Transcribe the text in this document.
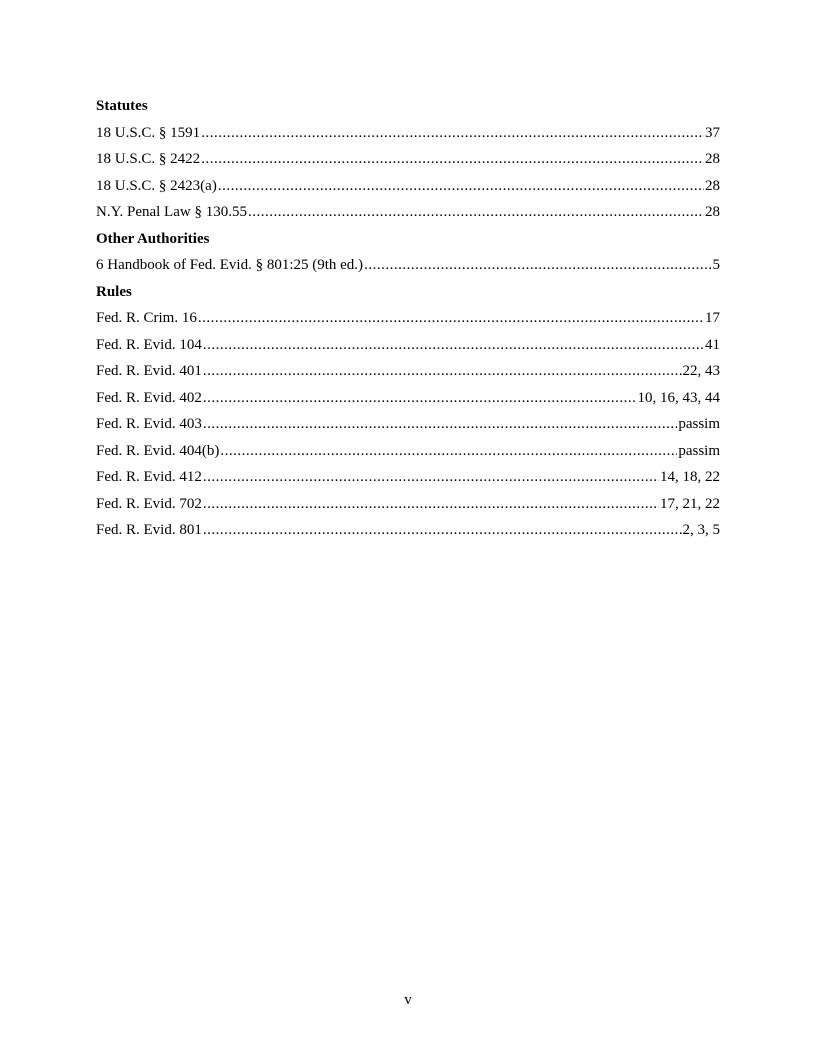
Statutes
18 U.S.C. § 1591 .....	37
18 U.S.C. § 2422 .....	28
18 U.S.C. § 2423(a) .....	28
N.Y. Penal Law § 130.55 .....	28
Other Authorities
6 Handbook of Fed. Evid. § 801:25 (9th ed.) .....	5
Rules
Fed. R. Crim. 16 .....	17
Fed. R. Evid. 104 .....	41
Fed. R. Evid. 401 .....	22, 43
Fed. R. Evid. 402 .....	10, 16, 43, 44
Fed. R. Evid. 403 .....	passim
Fed. R. Evid. 404(b) .....	passim
Fed. R. Evid. 412 .....	14, 18, 22
Fed. R. Evid. 702 .....	17, 21, 22
Fed. R. Evid. 801 .....	2, 3, 5
v
